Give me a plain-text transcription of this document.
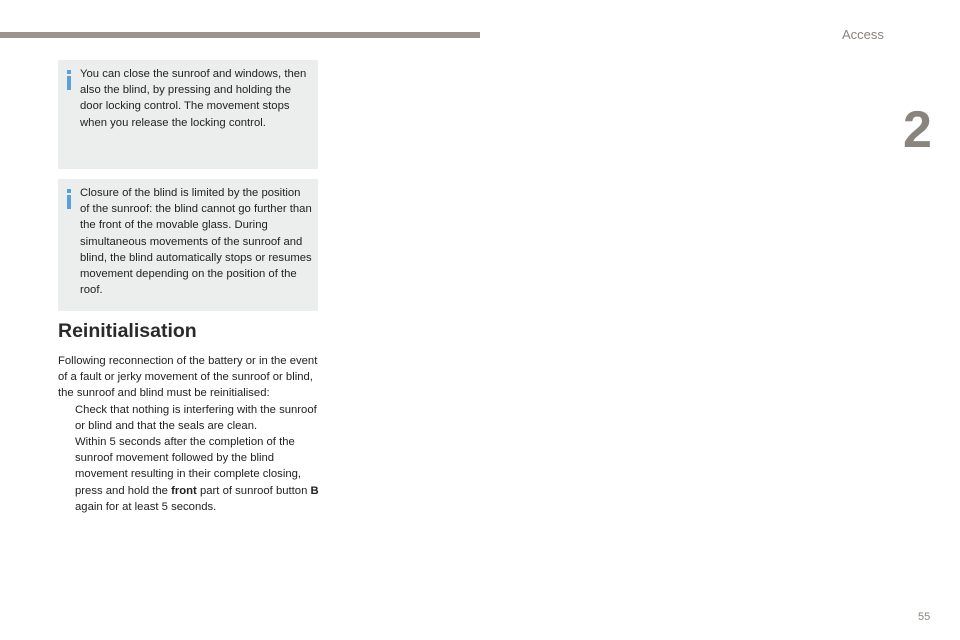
Access
2

You can close the sunroof and windows, then also the blind, by pressing and holding the door locking control. The movement stops when you release the locking control.

Closure of the blind is limited by the position of the sunroof: the blind cannot go further than the front of the movable glass. During simultaneous movements of the sunroof and blind, the blind automatically stops or resumes movement depending on the position of the roof.

Reinitialisation

Following reconnection of the battery or in the event of a fault or jerky movement of the sunroof or blind, the sunroof and blind must be reinitialised:

Check that nothing is interfering with the sunroof or blind and that the seals are clean.

Within 5 seconds after the completion of the sunroof movement followed by the blind movement resulting in their complete closing, press and hold the front part of sunroof button B again for at least 5 seconds.

55
